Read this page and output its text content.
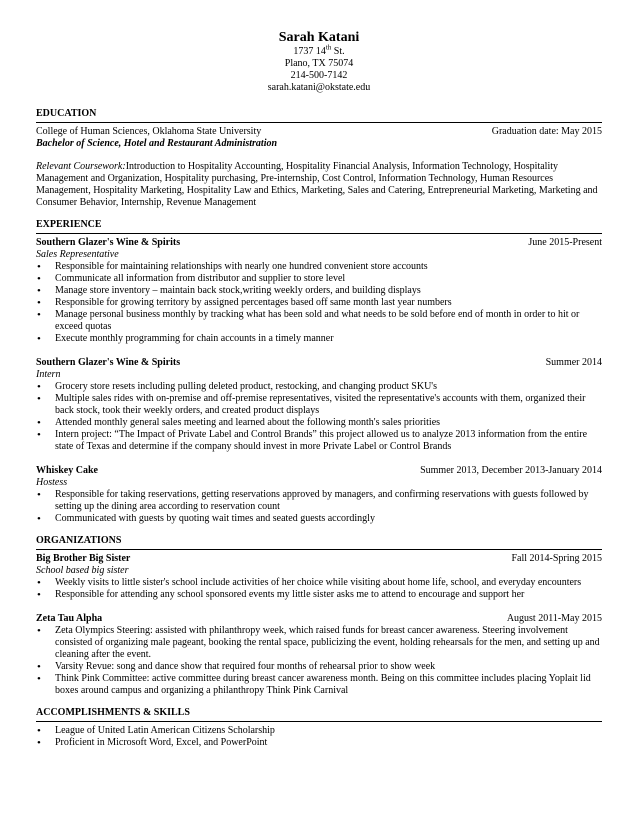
Sarah Katani
1737 14th St.
Plano, TX 75074
214-500-7142
sarah.katani@okstate.edu
EDUCATION
College of Human Sciences, Oklahoma State University	Graduation date: May 2015
Bachelor of Science, Hotel and Restaurant Administration
Relevant Coursework:Introduction to Hospitality Accounting, Hospitality Financial Analysis, Information Technology, Hospitality Management and Organization, Hospitality purchasing, Pre-internship, Cost Control, Information Technology, Human Resources Management, Hospitality Marketing, Hospitality Law and Ethics, Marketing, Sales and Catering, Entrepreneurial Marketing, Marketing and Consumer Behavior, Internship, Revenue Management
EXPERIENCE
Southern Glazer's Wine & Spirits	June 2015-Present
Sales Representative
• Responsible for maintaining relationships with nearly one hundred convenient store accounts
• Communicate all information from distributor and supplier to store level
• Manage store inventory – maintain back stock,writing weekly orders, and building displays
• Responsible for growing territory by assigned percentages based off same month last year numbers
• Manage personal business monthly by tracking what has been sold and what needs to be sold before end of month in order to hit or exceed quotas
• Execute monthly programming for chain accounts in a timely manner
Southern Glazer's Wine & Spirits	Summer 2014
Intern
• Grocery store resets including pulling deleted product, restocking, and changing product SKU's
• Multiple sales rides with on-premise and off-premise representatives, visited the representative's accounts with them, organized their back stock, took their weekly orders, and created product displays
• Attended monthly general sales meeting and learned about the following month's sales priorities
• Intern project: “The Impact of Private Label and Control Brands” this project allowed us to analyze 2013 information from the entire state of Texas and determine if the company should invest in more Private Label or Control Brands
Whiskey Cake	Summer 2013, December 2013-January 2014
Hostess
• Responsible for taking reservations, getting reservations approved by managers, and confirming reservations with guests followed by setting up the dining area according to reservation count
• Communicated with guests by quoting wait times and seated guests accordingly
ORGANIZATIONS
Big Brother Big Sister	Fall 2014-Spring 2015
School based big sister
• Weekly visits to little sister's school include activities of her choice while visiting about home life, school, and everyday encounters
• Responsible for attending any school sponsored events my little sister asks me to attend to encourage and support her
Zeta Tau Alpha	August 2011-May 2015
• Zeta Olympics Steering: assisted with philanthropy week, which raised funds for breast cancer awareness. Steering involvement consisted of organizing male pageant, booking the rental space, publicizing the event, holding rehearsals for the men, and setting up and cleaning after the event.
• Varsity Revue: song and dance show that required four months of rehearsal prior to show week
• Think Pink Committee: active committee during breast cancer awareness month. Being on this committee includes placing Yoplait lid boxes around campus and organizing a philanthropy Think Pink Carnival
ACCOMPLISHMENTS & SKILLS
• League of United Latin American Citizens Scholarship
• Proficient in Microsoft Word, Excel, and PowerPoint
